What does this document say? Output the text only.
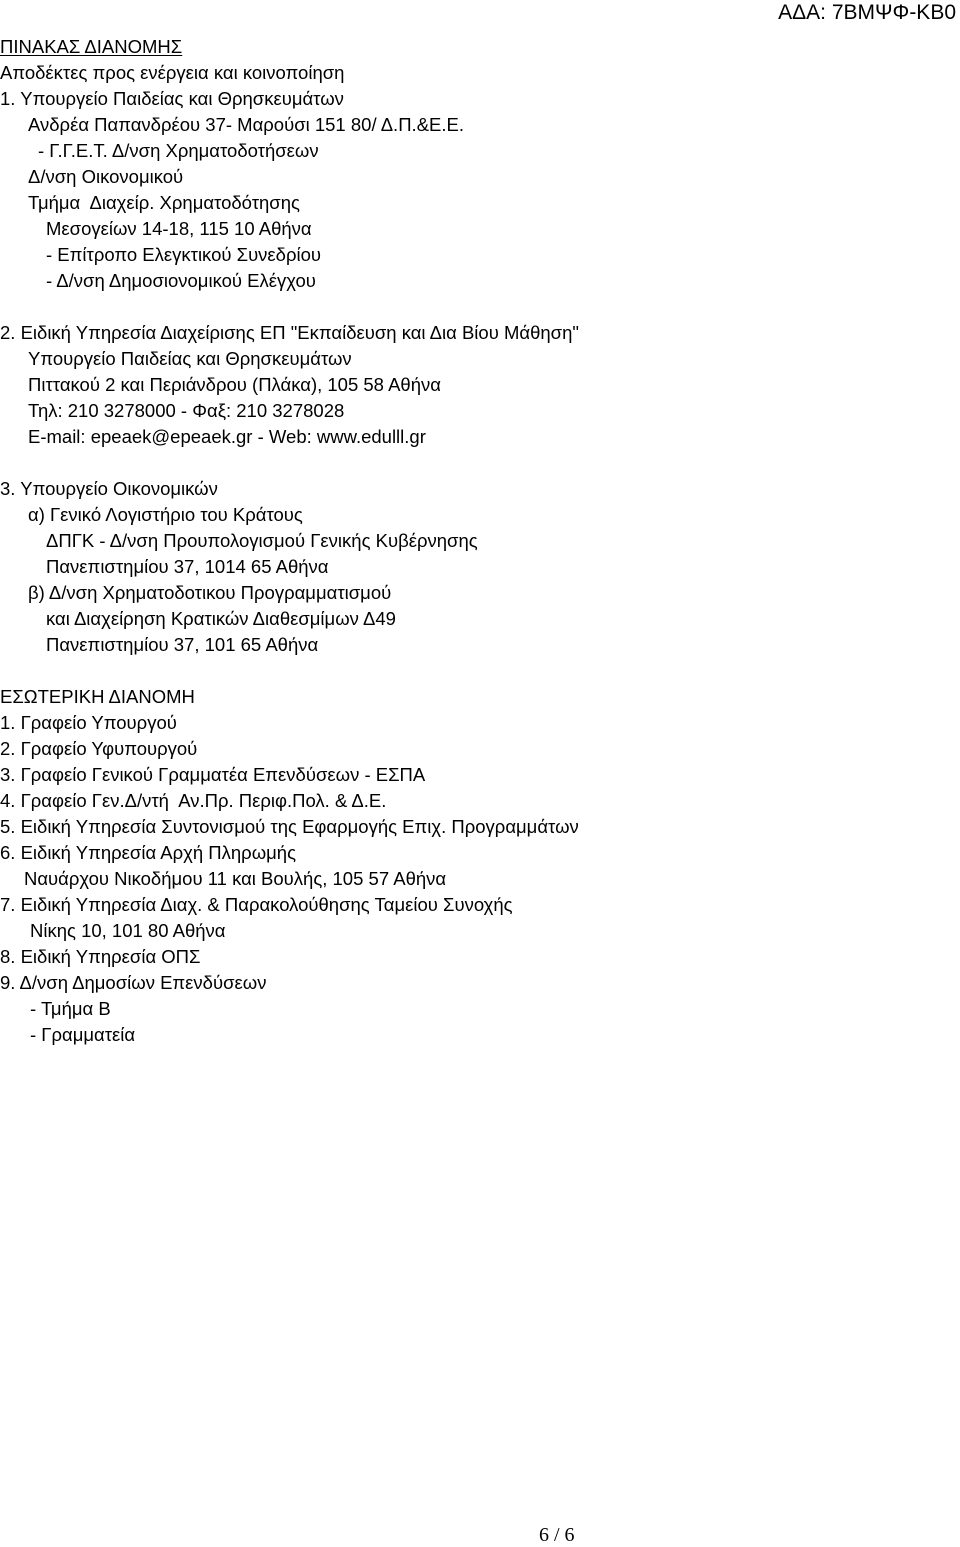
ΑΔΑ: 7ΒΜΨΦ-ΚΒ0
ΠΙΝΑΚΑΣ ΔΙΑΝΟΜΗΣ
Αποδέκτες προς ενέργεια και κοινοποίηση
1. Υπουργείο Παιδείας και Θρησκευμάτων
Ανδρέα Παπανδρέου 37- Μαρούσι 151 80/ Δ.Π.&Ε.Ε.
- Γ.Γ.Ε.Τ. Δ/νση Χρηματοδοτήσεων
Δ/νση Οικονομικού
Τμήμα  Διαχείρ. Χρηματοδότησης
Μεσογείων 14-18, 115 10 Αθήνα
- Επίτροπο Ελεγκτικού Συνεδρίου
- Δ/νση Δημοσιονομικού Ελέγχου
2. Ειδική Υπηρεσία Διαχείρισης ΕΠ "Εκπαίδευση και Δια Βίου Μάθηση"
Υπουργείο Παιδείας και Θρησκευμάτων
Πιττακού 2 και Περιάνδρου (Πλάκα), 105 58 Αθήνα
Τηλ: 210 3278000 - Φαξ: 210 3278028
E-mail: epeaek@epeaek.gr - Web: www.edulll.gr
3. Υπουργείο Οικονομικών
α) Γενικό Λογιστήριο του Κράτους
ΔΠΓΚ - Δ/νση Προυπολογισμού Γενικής Κυβέρνησης
Πανεπιστημίου 37, 1014 65 Αθήνα
β) Δ/νση Χρηματοδοτικου Προγραμματισμού
και Διαχείρηση Κρατικών Διαθεσμίμων Δ49
Πανεπιστημίου 37, 101 65 Αθήνα
ΕΣΩΤΕΡΙΚΗ ΔΙΑΝΟΜΗ
1. Γραφείο Υπουργού
2. Γραφείο Υφυπουργού
3. Γραφείο Γενικού Γραμματέα Επενδύσεων - ΕΣΠΑ
4. Γραφείο Γεν.Δ/ντή  Αν.Πρ. Περιφ.Πολ. & Δ.Ε.
5. Ειδική Υπηρεσία Συντονισμού της Εφαρμογής Επιχ. Προγραμμάτων
6. Ειδική Υπηρεσία Αρχή Πληρωμής
Ναυάρχου Νικοδήμου 11 και Βουλής, 105 57 Αθήνα
7. Ειδική Υπηρεσία Διαχ. & Παρακολούθησης Ταμείου Συνοχής
Νίκης 10, 101 80 Αθήνα
8. Ειδική Υπηρεσία ΟΠΣ
9. Δ/νση Δημοσίων Επενδύσεων
- Τμήμα Β
- Γραμματεία
6 / 6
